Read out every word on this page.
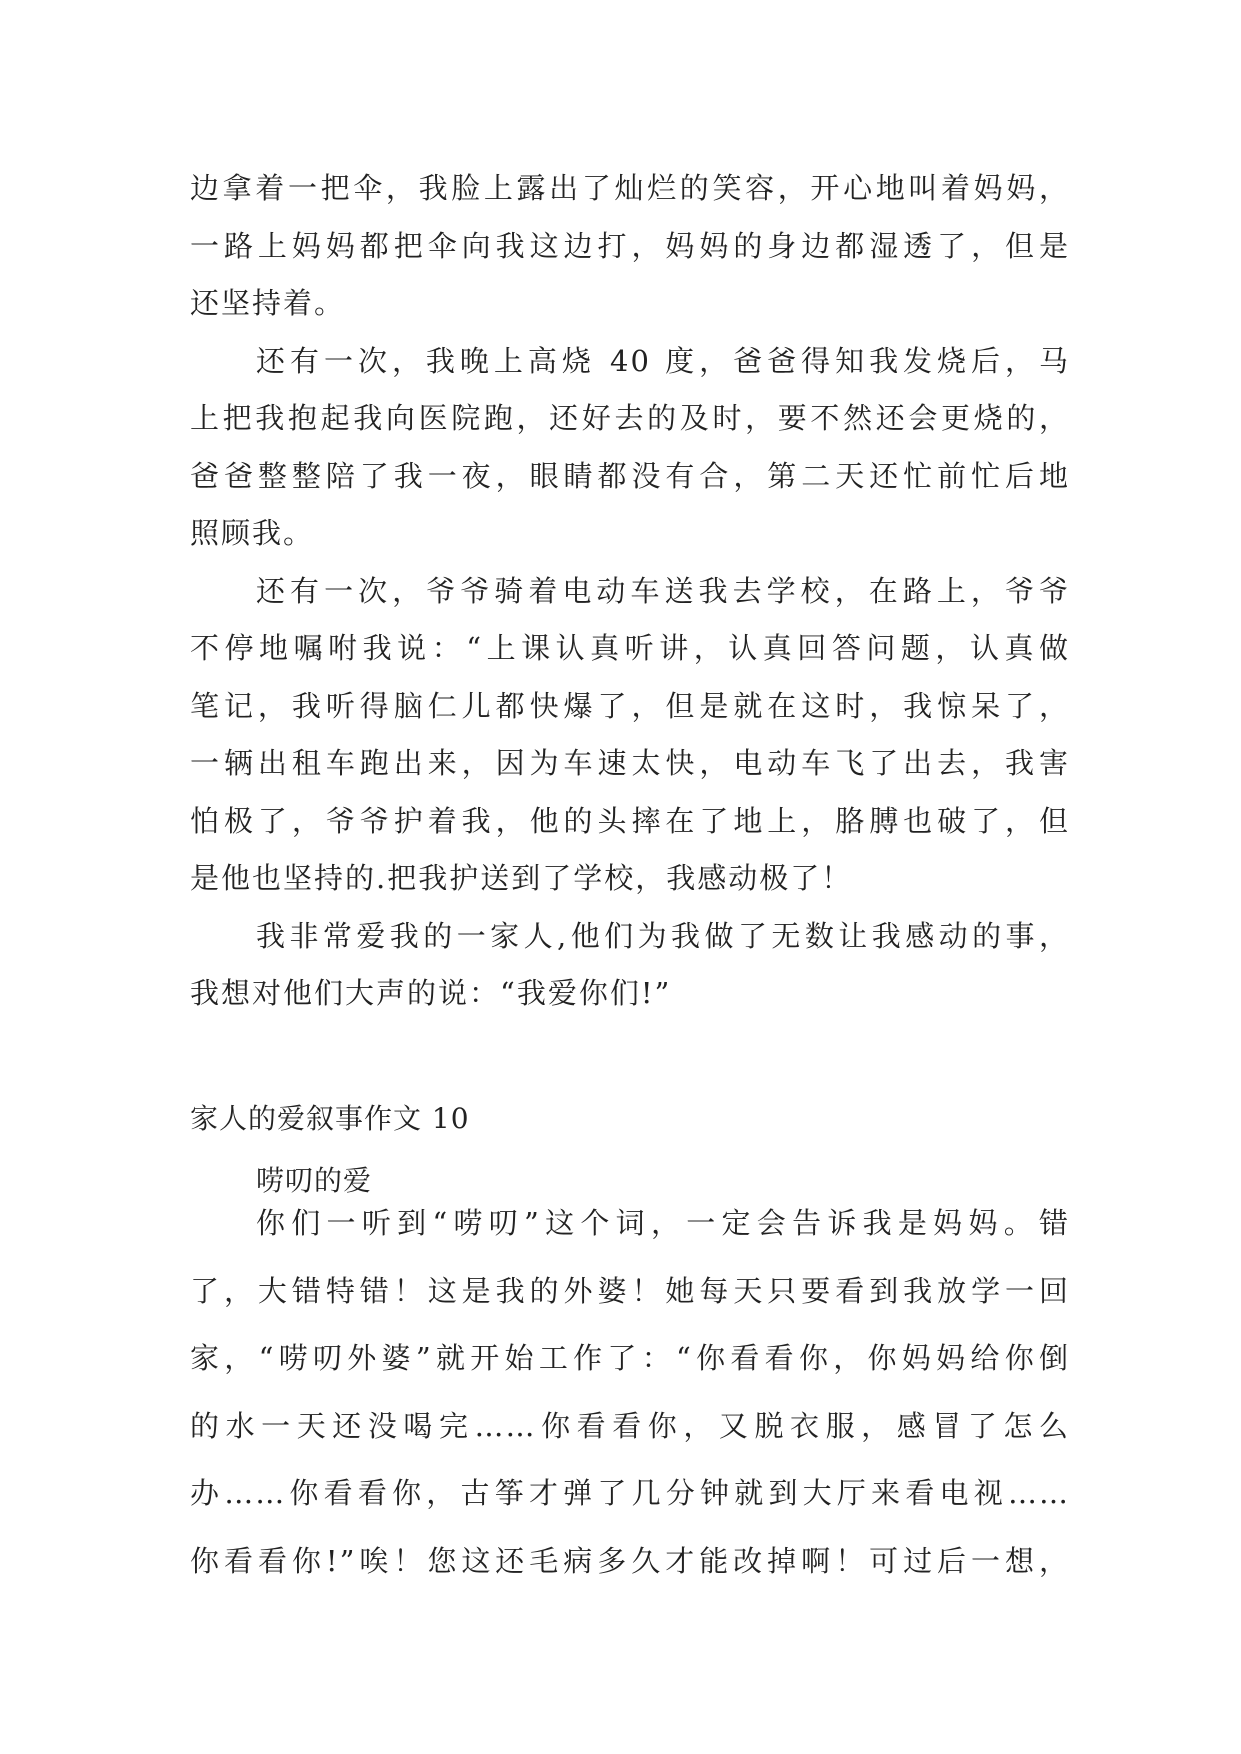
边拿着一把伞，我脸上露出了灿烂的笑容，开心地叫着妈妈，
一路上妈妈都把伞向我这边打，妈妈的身边都湿透了，但是
还坚持着。
还有一次，我晚上高烧 40 度，爸爸得知我发烧后，马
上把我抱起我向医院跑，还好去的及时，要不然还会更烧的，
爸爸整整陪了我一夜，眼睛都没有合，第二天还忙前忙后地
照顾我。
还有一次，爷爷骑着电动车送我去学校，在路上，爷爷
不停地嘱咐我说：“上课认真听讲，认真回答问题，认真做
笔记，我听得脑仁儿都快爆了，但是就在这时，我惊呆了，
一辆出租车跑出来，因为车速太快，电动车飞了出去，我害
怕极了，爷爷护着我，他的头摔在了地上，胳膊也破了，但
是他也坚持的.把我护送到了学校，我感动极了！
我非常爱我的一家人,他们为我做了无数让我感动的事，
我想对他们大声的说：“我爱你们!”
家人的爱叙事作文 10
唠叨的爱
你们一听到“唠叨”这个词，一定会告诉我是妈妈。错
了，大错特错！这是我的外婆！她每天只要看到我放学一回
家，“唠叨外婆”就开始工作了：“你看看你，你妈妈给你倒
的水一天还没喝完……你看看你，又脱衣服，感冒了怎么
办……你看看你，古筝才弹了几分钟就到大厅来看电视……
你看看你!”唉！您这还毛病多久才能改掉啊！可过后一想，
